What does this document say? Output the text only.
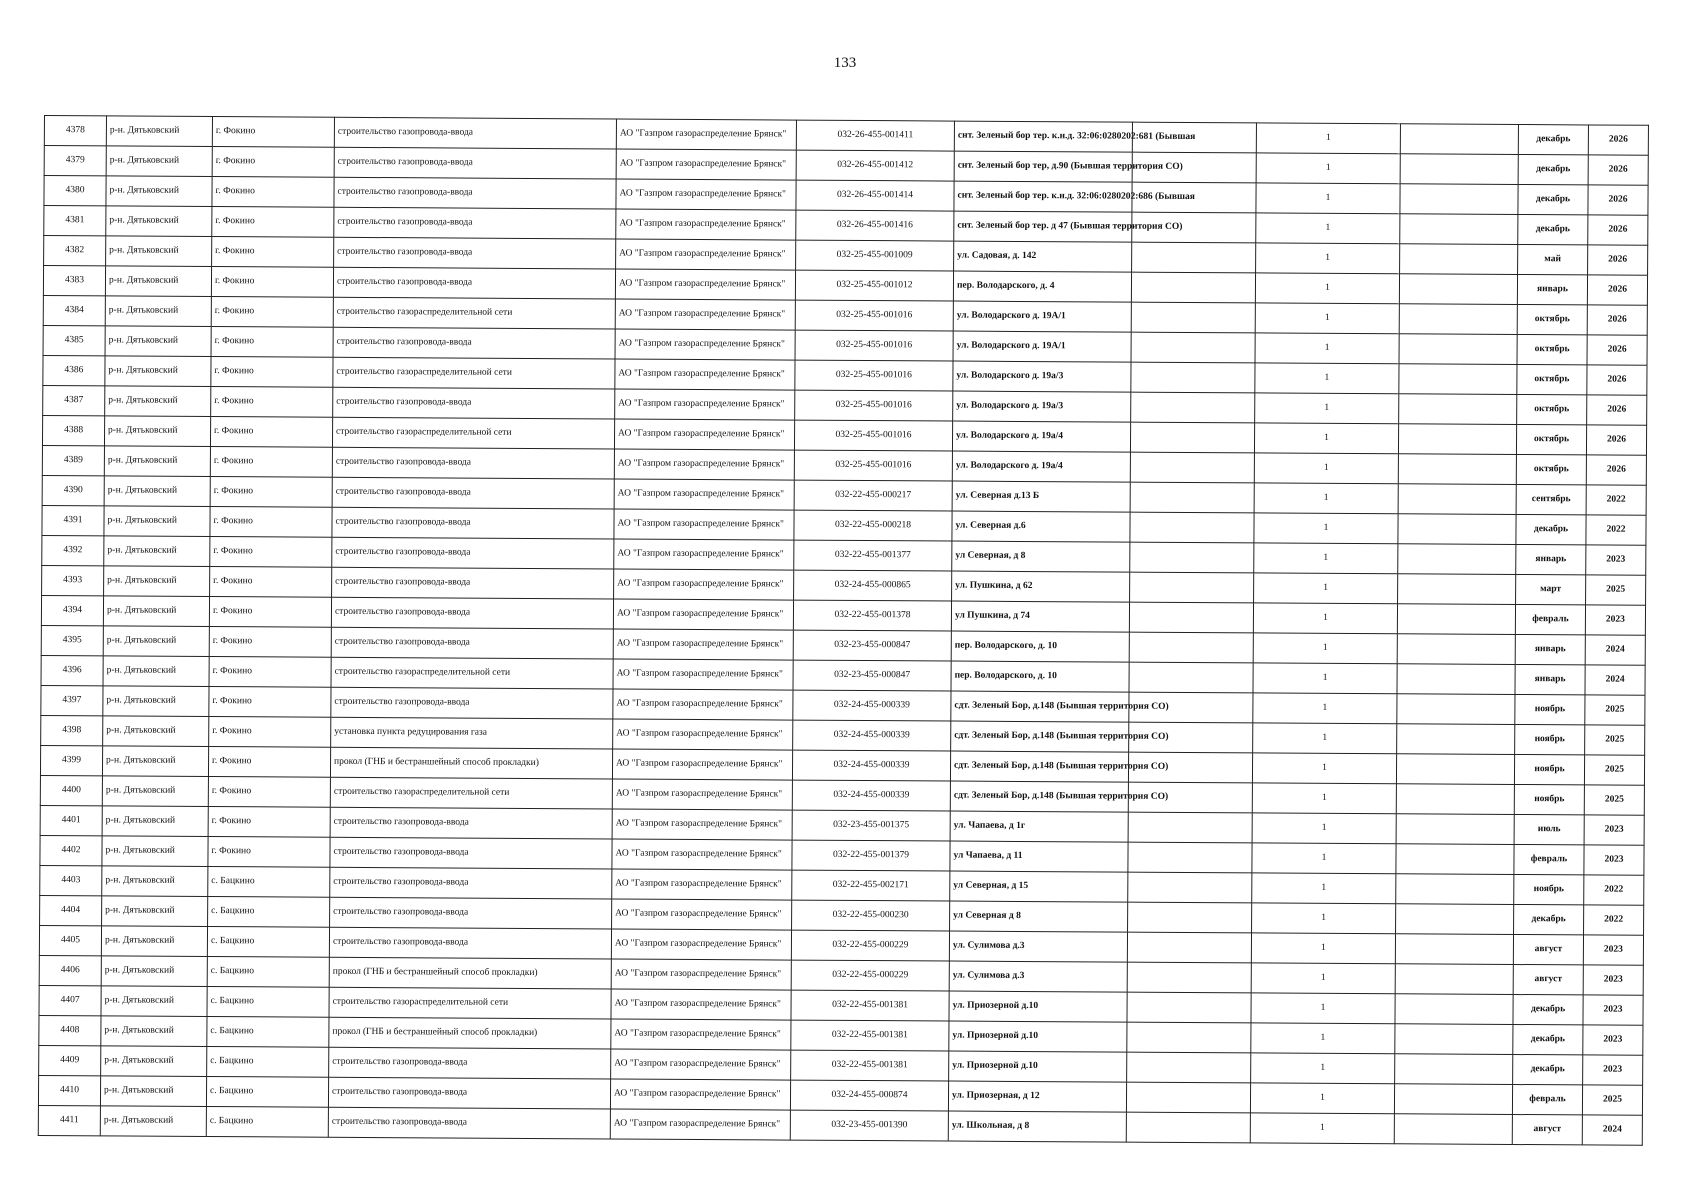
133
4378	р-н. Дятьковский	г. Фокино	строительство газопровода-ввода	АО "Газпром газораспределение Брянск"	032-26-455-001411	снт. Зеленый бор тер. к.н.д. 32:06:0280202:681 (Бывшая		1		декабрь	2026
4379	р-н. Дятьковский	г. Фокино	строительство газопровода-ввода	АО "Газпром газораспределение Брянск"	032-26-455-001412	снт. Зеленый бор тер, д.90 (Бывшая территория СО)		1		декабрь	2026
4380	р-н. Дятьковский	г. Фокино	строительство газопровода-ввода	АО "Газпром газораспределение Брянск"	032-26-455-001414	снт. Зеленый бор тер. к.н.д. 32:06:0280202:686 (Бывшая		1		декабрь	2026
4381	р-н. Дятьковский	г. Фокино	строительство газопровода-ввода	АО "Газпром газораспределение Брянск"	032-26-455-001416	снт. Зеленый бор тер. д 47 (Бывшая территория СО)		1		декабрь	2026
4382	р-н. Дятьковский	г. Фокино	строительство газопровода-ввода	АО "Газпром газораспределение Брянск"	032-25-455-001009	ул. Садовая, д. 142		1		май	2026
4383	р-н. Дятьковский	г. Фокино	строительство газопровода-ввода	АО "Газпром газораспределение Брянск"	032-25-455-001012	пер. Володарского, д. 4		1		январь	2026
4384	р-н. Дятьковский	г. Фокино	строительство газораспределительной сети	АО "Газпром газораспределение Брянск"	032-25-455-001016	ул. Володарского д. 19А/1		1		октябрь	2026
4385	р-н. Дятьковский	г. Фокино	строительство газопровода-ввода	АО "Газпром газораспределение Брянск"	032-25-455-001016	ул. Володарского д. 19А/1		1		октябрь	2026
4386	р-н. Дятьковский	г. Фокино	строительство газораспределительной сети	АО "Газпром газораспределение Брянск"	032-25-455-001016	ул. Володарского д. 19а/3		1		октябрь	2026
4387	р-н. Дятьковский	г. Фокино	строительство газопровода-ввода	АО "Газпром газораспределение Брянск"	032-25-455-001016	ул. Володарского д. 19а/3		1		октябрь	2026
4388	р-н. Дятьковский	г. Фокино	строительство газораспределительной сети	АО "Газпром газораспределение Брянск"	032-25-455-001016	ул. Володарского д. 19а/4		1		октябрь	2026
4389	р-н. Дятьковский	г. Фокино	строительство газопровода-ввода	АО "Газпром газораспределение Брянск"	032-25-455-001016	ул. Володарского д. 19а/4		1		октябрь	2026
4390	р-н. Дятьковский	г. Фокино	строительство газопровода-ввода	АО "Газпром газораспределение Брянск"	032-22-455-000217	ул. Северная д.13 Б		1		сентябрь	2022
4391	р-н. Дятьковский	г. Фокино	строительство газопровода-ввода	АО "Газпром газораспределение Брянск"	032-22-455-000218	ул. Северная д.6		1		декабрь	2022
4392	р-н. Дятьковский	г. Фокино	строительство газопровода-ввода	АО "Газпром газораспределение Брянск"	032-22-455-001377	ул Северная, д 8		1		январь	2023
4393	р-н. Дятьковский	г. Фокино	строительство газопровода-ввода	АО "Газпром газораспределение Брянск"	032-24-455-000865	ул. Пушкина, д 62		1		март	2025
4394	р-н. Дятьковский	г. Фокино	строительство газопровода-ввода	АО "Газпром газораспределение Брянск"	032-22-455-001378	ул Пушкина, д 74		1		февраль	2023
4395	р-н. Дятьковский	г. Фокино	строительство газопровода-ввода	АО "Газпром газораспределение Брянск"	032-23-455-000847	пер. Володарского, д. 10		1		январь	2024
4396	р-н. Дятьковский	г. Фокино	строительство газораспределительной сети	АО "Газпром газораспределение Брянск"	032-23-455-000847	пер. Володарского, д. 10		1		январь	2024
4397	р-н. Дятьковский	г. Фокино	строительство газопровода-ввода	АО "Газпром газораспределение Брянск"	032-24-455-000339	сдт. Зеленый Бор, д.148 (Бывшая территория СО)		1		ноябрь	2025
4398	р-н. Дятьковский	г. Фокино	установка пункта редуцирования газа	АО "Газпром газораспределение Брянск"	032-24-455-000339	сдт. Зеленый Бор, д.148 (Бывшая территория СО)		1		ноябрь	2025
4399	р-н. Дятьковский	г. Фокино	прокол (ГНБ и бестраншейный способ прокладки)	АО "Газпром газораспределение Брянск"	032-24-455-000339	сдт. Зеленый Бор, д.148 (Бывшая территория СО)		1		ноябрь	2025
4400	р-н. Дятьковский	г. Фокино	строительство газораспределительной сети	АО "Газпром газораспределение Брянск"	032-24-455-000339	сдт. Зеленый Бор, д.148 (Бывшая территория СО)		1		ноябрь	2025
4401	р-н. Дятьковский	г. Фокино	строительство газопровода-ввода	АО "Газпром газораспределение Брянск"	032-23-455-001375	ул. Чапаева, д 1г		1		июль	2023
4402	р-н. Дятьковский	г. Фокино	строительство газопровода-ввода	АО "Газпром газораспределение Брянск"	032-22-455-001379	ул Чапаева, д 11		1		февраль	2023
4403	р-н. Дятьковский	с. Бацкино	строительство газопровода-ввода	АО "Газпром газораспределение Брянск"	032-22-455-002171	ул Северная, д 15		1		ноябрь	2022
4404	р-н. Дятьковский	с. Бацкино	строительство газопровода-ввода	АО "Газпром газораспределение Брянск"	032-22-455-000230	ул Северная д 8		1		декабрь	2022
4405	р-н. Дятьковский	с. Бацкино	строительство газопровода-ввода	АО "Газпром газораспределение Брянск"	032-22-455-000229	ул. Сулимова д.3		1		август	2023
4406	р-н. Дятьковский	с. Бацкино	прокол (ГНБ и бестраншейный способ прокладки)	АО "Газпром газораспределение Брянск"	032-22-455-000229	ул. Сулимова д.3		1		август	2023
4407	р-н. Дятьковский	с. Бацкино	строительство газораспределительной сети	АО "Газпром газораспределение Брянск"	032-22-455-001381	ул. Приозерной д.10		1		декабрь	2023
4408	р-н. Дятьковский	с. Бацкино	прокол (ГНБ и бестраншейный способ прокладки)	АО "Газпром газораспределение Брянск"	032-22-455-001381	ул. Приозерной д.10		1		декабрь	2023
4409	р-н. Дятьковский	с. Бацкино	строительство газопровода-ввода	АО "Газпром газораспределение Брянск"	032-22-455-001381	ул. Приозерной д.10		1		декабрь	2023
4410	р-н. Дятьковский	с. Бацкино	строительство газопровода-ввода	АО "Газпром газораспределение Брянск"	032-24-455-000874	ул. Приозерная, д 12		1		февраль	2025
4411	р-н. Дятьковский	с. Бацкино	строительство газопровода-ввода	АО "Газпром газораспределение Брянск"	032-23-455-001390	ул. Школьная, д 8		1		август	2024
